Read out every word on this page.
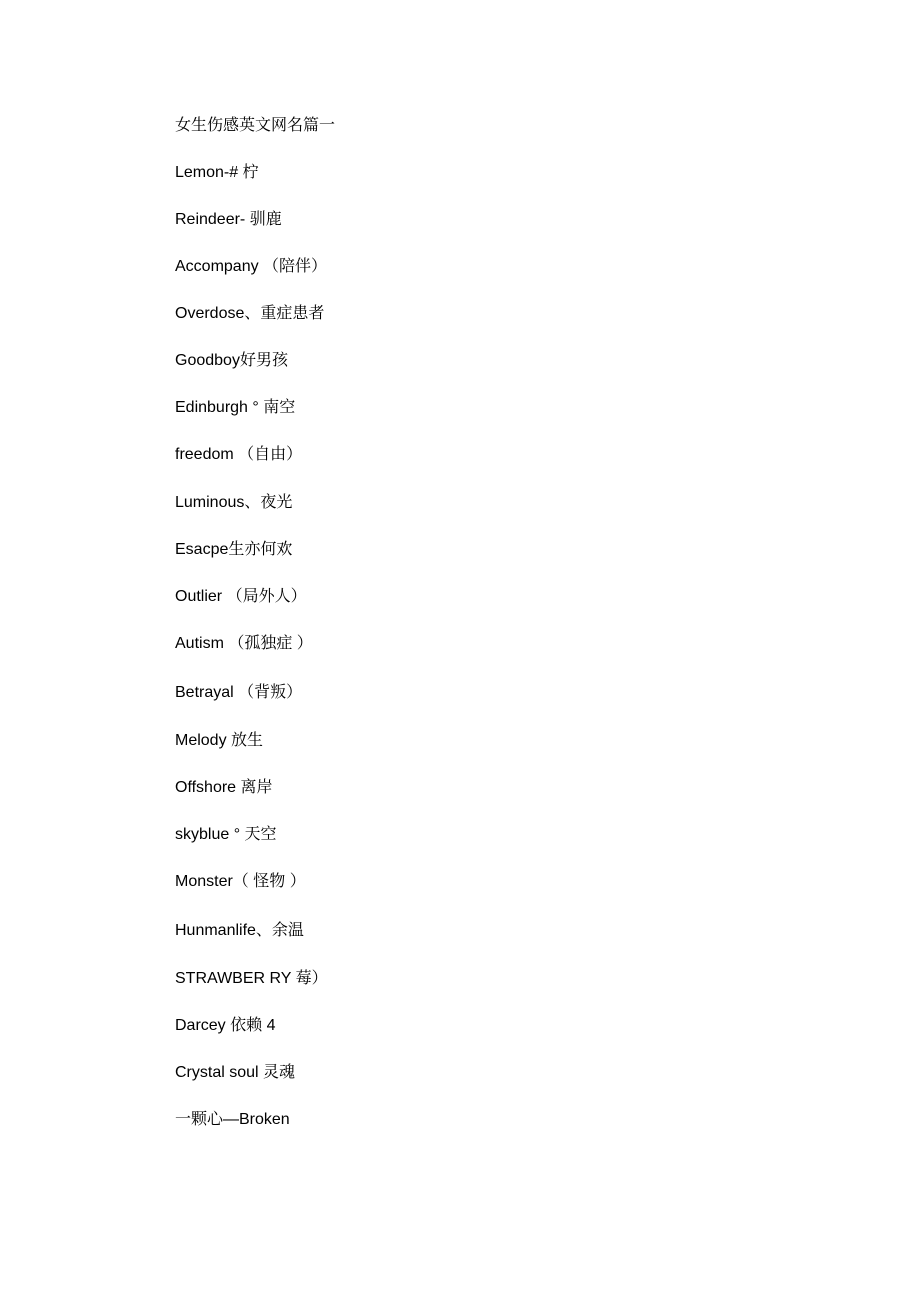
女生伤感英文网名篇一
Lemon-# 柠
Reindeer- 驯鹿
Accompany （陪伴）
Overdose、重症患者
Goodboy好男孩
Edinburgh ° 南空
freedom （自由）
Luminous、夜光
Esacpe生亦何欢
Outlier （局外人）
Autism （孤独症 ）
Betrayal （背叛）
Melody 放生
Offshore 离岸
skyblue ° 天空
Monster（ 怪物 ）
Hunmanlife、余温
STRAWBER RY 莓）
Darcey 依赖 4
Crystal soul 灵魂
一颗心—Broken
